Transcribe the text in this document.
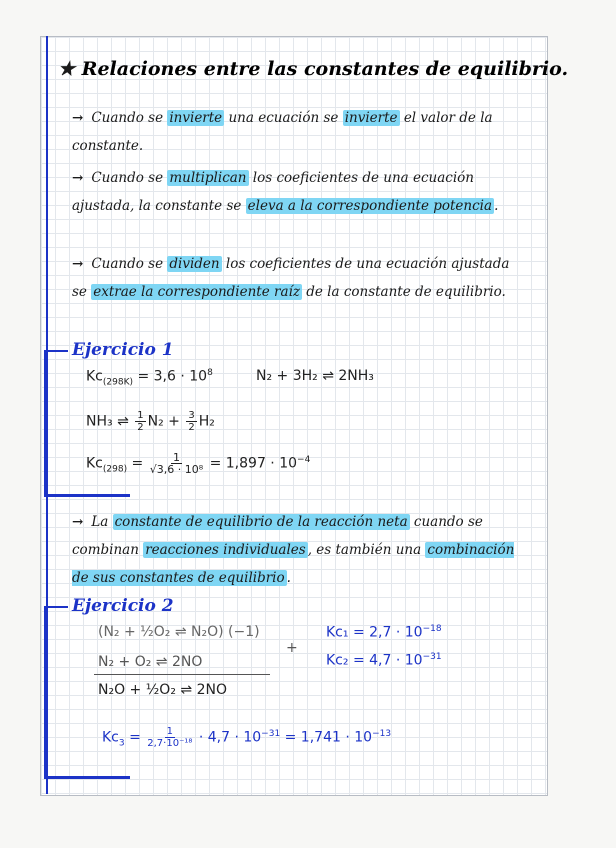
★ Relaciones entre las constantes de equilibrio.
→ Cuando se invierte una ecuación se invierte el valor de la constante.
→ Cuando se multiplican los coeficientes de una ecuación ajustada, la constante se eleva a la correspondiente potencia .
→ Cuando se dividen los coeficientes de una ecuación ajustada se extrae la correspondiente raíz de la constante de equilibrio.
Ejercicio 1
$Kc_{(298K)} = 3,6 \cdot 10^8$	N₂ + 3H₂ ⇌ 2NH₃
NH₃ ⇌ $\frac{1}{2} N_2 + \frac{3}{2} H_2$
$Kc_{(298)} = \frac{1}{\text{√3,6 · 10⁸}} = 1,897 \cdot 10^{-4}$
→ La constante de equilibrio de la reacción neta cuando se combinan reacciones individuales , es también una combinación de sus constantes de equilibrio .
Ejercicio 2
(N₂ + ½O₂ ⇌ N₂O) (−1)
N₂ + O₂ ⇌ 2NO
N₂O + ½O₂ ⇌ 2NO
+
$Kc_1 = 2,7 \cdot 10^{-18}$
$Kc_2 = 4,7 \cdot 10^{-31}$
$Kc_3 = \frac{1}{\text{2,7·10⁻¹⁸}} \cdot 4,7 \cdot 10^{-31} = 1,741 \cdot 10^{-13}$
